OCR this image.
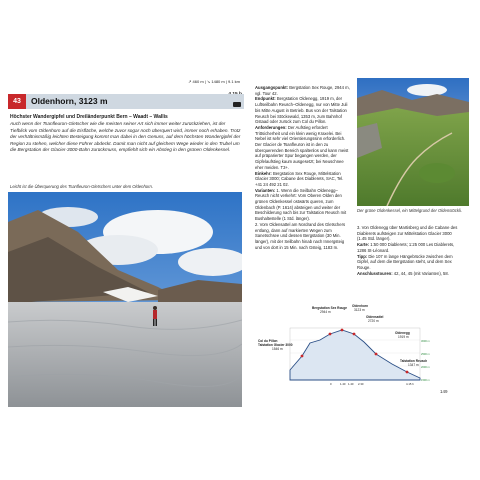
↗ 460 m | ↘ 1480 m | 9.1 km
43	Oldenhorn, 3123 m
Höchster Wandergipfel und Dreiländerpunkt Bern – Waadt – Wallis
Auch wenn der Tsanfleuron-Gletscher wie die meisten seiner Art sich immer weiter zurückziehen, ist der Tiefblick vom Oldenhorn auf die Eisfläche, welche zuvor sogar noch überquert wird, immer noch erhaben. Trotz der verhältnismäßig leichten Besteigung kommt man dabei in den Genuss, auf dem höchsten Wandergipfel der Region zu stehen, welcher diese Führer abdeckt. Damit man nicht auf gleichem Wege wieder in den Trubel um die Bergstation der Glacier-3000-Bahn zurückmuss, empfiehlt sich ein Abstieg in den grünen Oldenkessel.
Leicht ist die Überquerung des Tsanfleuron-Gletschers unter dem Oldenhorn.
Ausgangspunkt: Bergstation Sex Rouge, 2944 m, vgl. Tour 42.
Endpunkt: Bergstation Oldenegg, 1919 m, der Luftseilbahn Reusch–Oldenegg, nur von Mitte Juli bis Mitte August in Betrieb. Bus von der Talstation Reusch bei Stöckewald, 1353 m, zum Bahnhof Gstaad oder zurück zum Col du Pillon.
Anforderungen: Der Aufstieg erfordert Trittsicherheit und ein klein wenig Kraxelei. Bei Nebel ist sehr viel Orientierungssinn erforderlich. Der Glacier de Tsanfleuron ist in den zu überquerenden Bereich spaltenlos und kann meist auf präparierter Spur begangen werden, der Gipfelaufstieg kaum ausgesetzt; bei Neuschnee eher meiden. T3+.
Einkehr: Bergstation Sex Rouge, Mittelstation Glacier 3000; Cabane des Diablerets, SAC, Tel. +41 24 492 21 02.
Varianten: 1. Wenn die Seilbahn Oldenegg–Reusch nicht verkehrt: Vom Oberen Olden den grünen Oldenkessel ostwärts queren, zum Oldenbach (P. 1614) absteigen und weiter der Beschilderung nach bis zur Talstation Reusch mit Bushaltestelle (1 Std. länger).
2. Vom Oldensattel am Nordrand des Gletschers entlang, dann auf markierten Wegen zum Sanetschsee und dessen Bergstation (30 Min. länger), mit der Seilbahn hinab nach Innergsteig und von dort in 15 Min. nach Gsteig, 1183 m.
Der grüne Oldenkessel, ein Mittelgrund der Oldenstöckli.
3. Von Oldenegg über Martisberg und die Cabane des Diablerets aufsteigen zur Mittelstation Glacier 3000 (1.45 Std. länger).
Karte: 1:50 000 Diablerets; 1:25 000 Les Diablerets, 1286 St-Léonard.
Tipp: Die 107 m lange Hängebrücke zwischen dem Gipfel, auf dem die Bergstation steht, und dem Sex Rouge.
Anschlusstouren: 42, 44, 45 (mit Varianten), 58.
Bergstation Sex Rouge
2944 m
Oldenhorn
3123 m
Oldensattel
2720 m
Oldenegg
1919 m
Col du Pillon
Talstation Glacier 3000
1546 m
Talstation Reusch
1347 m
3000 m
2500 m
2000 m
1500 m
0	1.40 1.40 2.30	4.15 h
149
